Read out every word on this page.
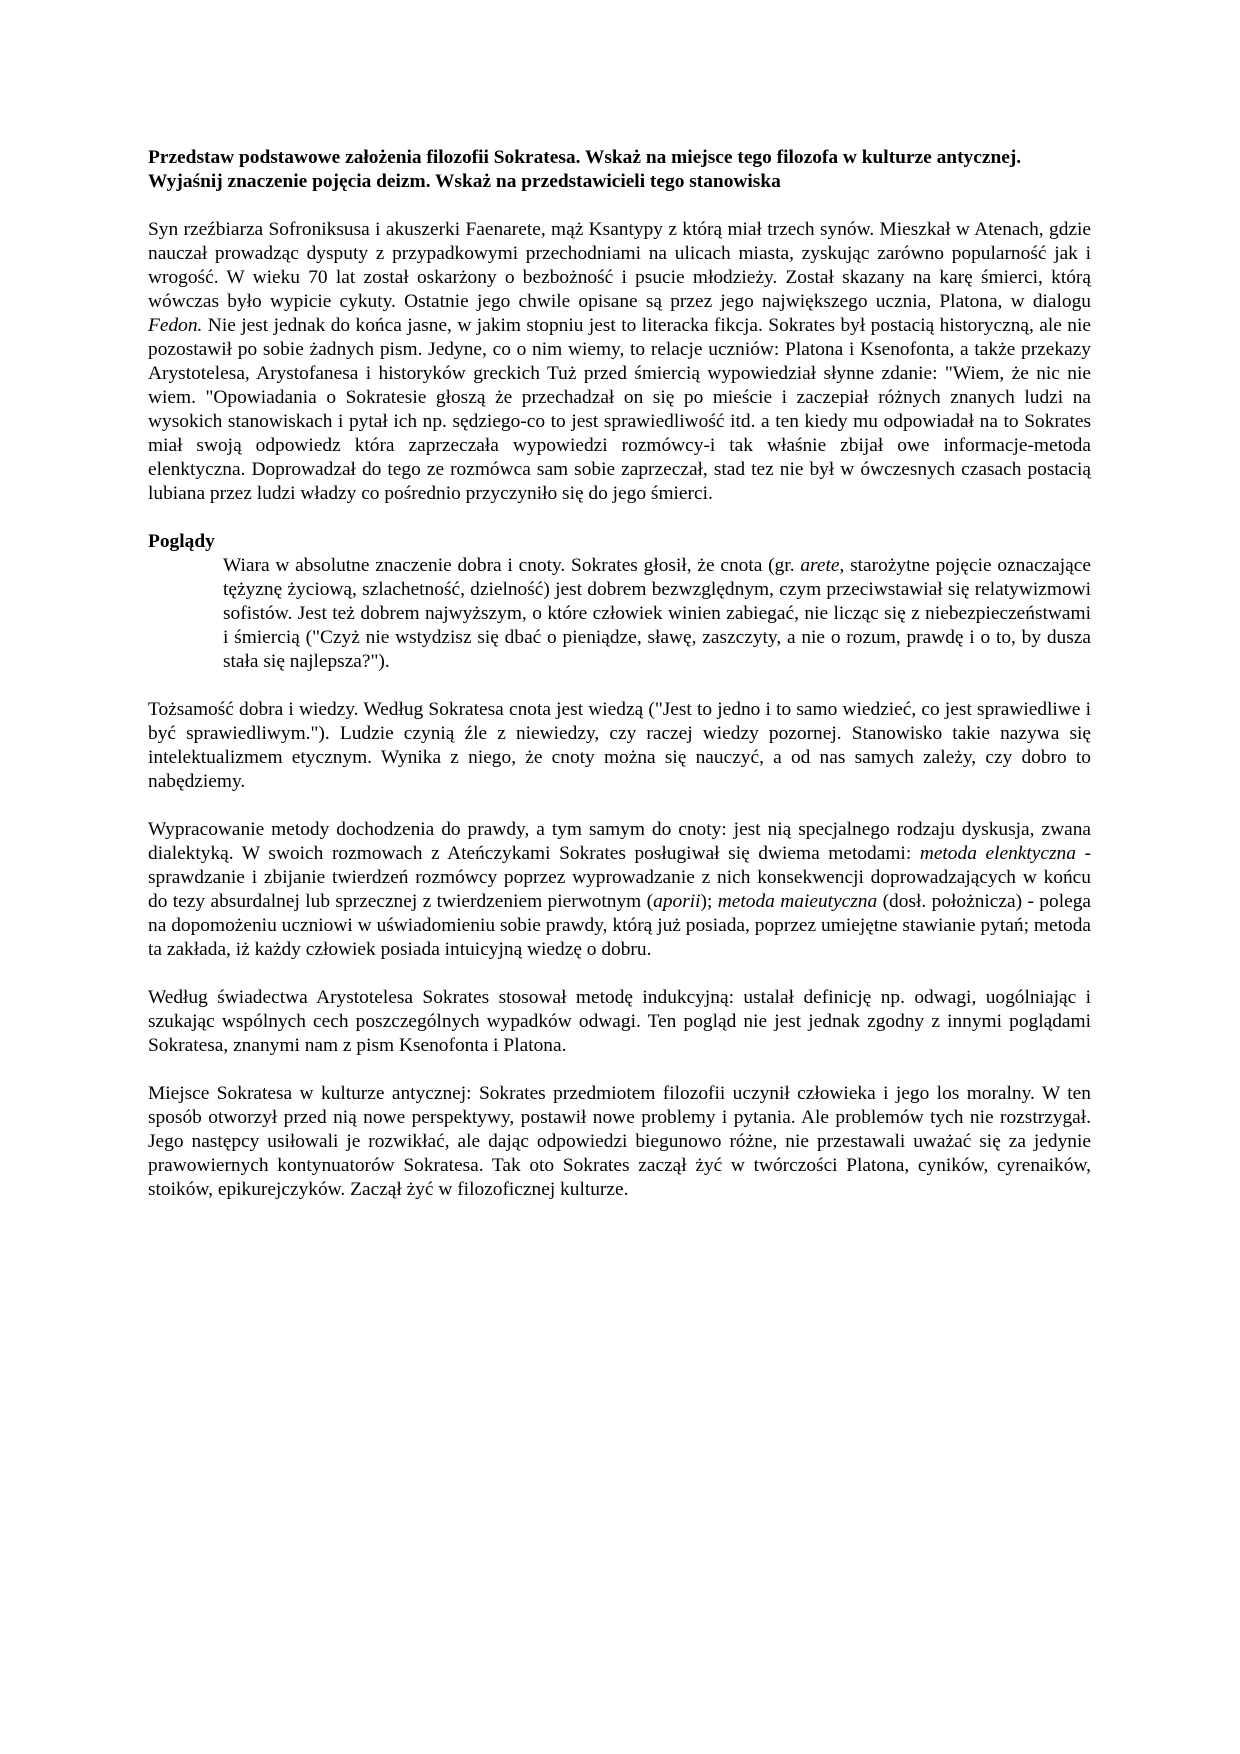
Przedstaw podstawowe założenia filozofii Sokratesa. Wskaż na miejsce tego filozofa w kulturze antycznej. Wyjaśnij znaczenie pojęcia deizm. Wskaż na przedstawicieli tego stanowiska

Syn rzeźbiarza Sofroniksusa i akuszerki Faenarete, mąż Ksantypy z którą miał trzech synów. Mieszkał w Atenach, gdzie nauczał prowadząc dysputy z przypadkowymi przechodniami na ulicach miasta, zyskując zarówno popularność jak i wrogość. W wieku 70 lat został oskarżony o bezbożność i psucie młodzieży. Został skazany na karę śmierci, którą wówczas było wypicie cykuty. Ostatnie jego chwile opisane są przez jego największego ucznia, Platona, w dialogu Fedon. Nie jest jednak do końca jasne, w jakim stopniu jest to literacka fikcja. Sokrates był postacią historyczną, ale nie pozostawił po sobie żadnych pism. Jedyne, co o nim wiemy, to relacje uczniów: Platona i Ksenofonta, a także przekazy Arystotelesa, Arystofanesa i historyków greckich Tuż przed śmiercią wypowiedział słynne zdanie: "Wiem, że nic nie wiem. "Opowiadania o Sokratesie głoszą że przechadzał on się po mieście i zaczepiał różnych znanych ludzi na wysokich stanowiskach i pytał ich np. sędziego-co to jest sprawiedliwość itd. a ten kiedy mu odpowiadał na to Sokrates miał swoją odpowiedz która zaprzeczała wypowiedzi rozmówcy-i tak właśnie zbijał owe informacje-metoda elenktyczna. Doprowadzał do tego ze rozmówca sam sobie zaprzeczał, stad tez nie był w ówczesnych czasach postacią lubiana przez ludzi władzy co pośrednio przyczyniło się do jego śmierci.

Poglądy

Wiara w absolutne znaczenie dobra i cnoty. Sokrates głosił, że cnota (gr. arete, starożytne pojęcie oznaczające tężyznę życiową, szlachetność, dzielność) jest dobrem bezwzględnym, czym przeciwstawiał się relatywizmowi sofistów. Jest też dobrem najwyższym, o które człowiek winien zabiegać, nie licząc się z niebezpieczeństwami i śmiercią ("Czyż nie wstydzisz się dbać o pieniądze, sławę, zaszczyty, a nie o rozum, prawdę i o to, by dusza stała się najlepsza?").

Tożsamość dobra i wiedzy. Według Sokratesa cnota jest wiedzą ("Jest to jedno i to samo wiedzieć, co jest sprawiedliwe i być sprawiedliwym."). Ludzie czynią źle z niewiedzy, czy raczej wiedzy pozornej. Stanowisko takie nazywa się intelektualizmem etycznym. Wynika z niego, że cnoty można się nauczyć, a od nas samych zależy, czy dobro to nabędziemy.

Wypracowanie metody dochodzenia do prawdy, a tym samym do cnoty: jest nią specjalnego rodzaju dyskusja, zwana dialektyką. W swoich rozmowach z Ateńczykami Sokrates posługiwał się dwiema metodami: metoda elenktyczna - sprawdzanie i zbijanie twierdzeń rozmówcy poprzez wyprowadzanie z nich konsekwencji doprowadzających w końcu do tezy absurdalnej lub sprzecznej z twierdzeniem pierwotnym (aporii); metoda maieutyczna (dosł. położnicza) - polega na dopomożeniu uczniowi w uświadomieniu sobie prawdy, którą już posiada, poprzez umiejętne stawianie pytań; metoda ta zakłada, iż każdy człowiek posiada intuicyjną wiedzę o dobru.

Według świadectwa Arystotelesa Sokrates stosował metodę indukcyjną: ustalał definicję np. odwagi, uogólniając i szukając wspólnych cech poszczególnych wypadków odwagi. Ten pogląd nie jest jednak zgodny z innymi poglądami Sokratesa, znanymi nam z pism Ksenofonta i Platona.

Miejsce Sokratesa w kulturze antycznej: Sokrates przedmiotem filozofii uczynił człowieka i jego los moralny. W ten sposób otworzył przed nią nowe perspektywy, postawił nowe problemy i pytania. Ale problemów tych nie rozstrzygał. Jego następcy usiłowali je rozwikłać, ale dając odpowiedzi biegunowo różne, nie przestawali uważać się za jedynie prawowiernych kontynuatorów Sokratesa. Tak oto Sokrates zaczął żyć w twórczości Platona, cyników, cyrenaików, stoików, epikurejczyków. Zaczął żyć w filozoficznej kulturze.
